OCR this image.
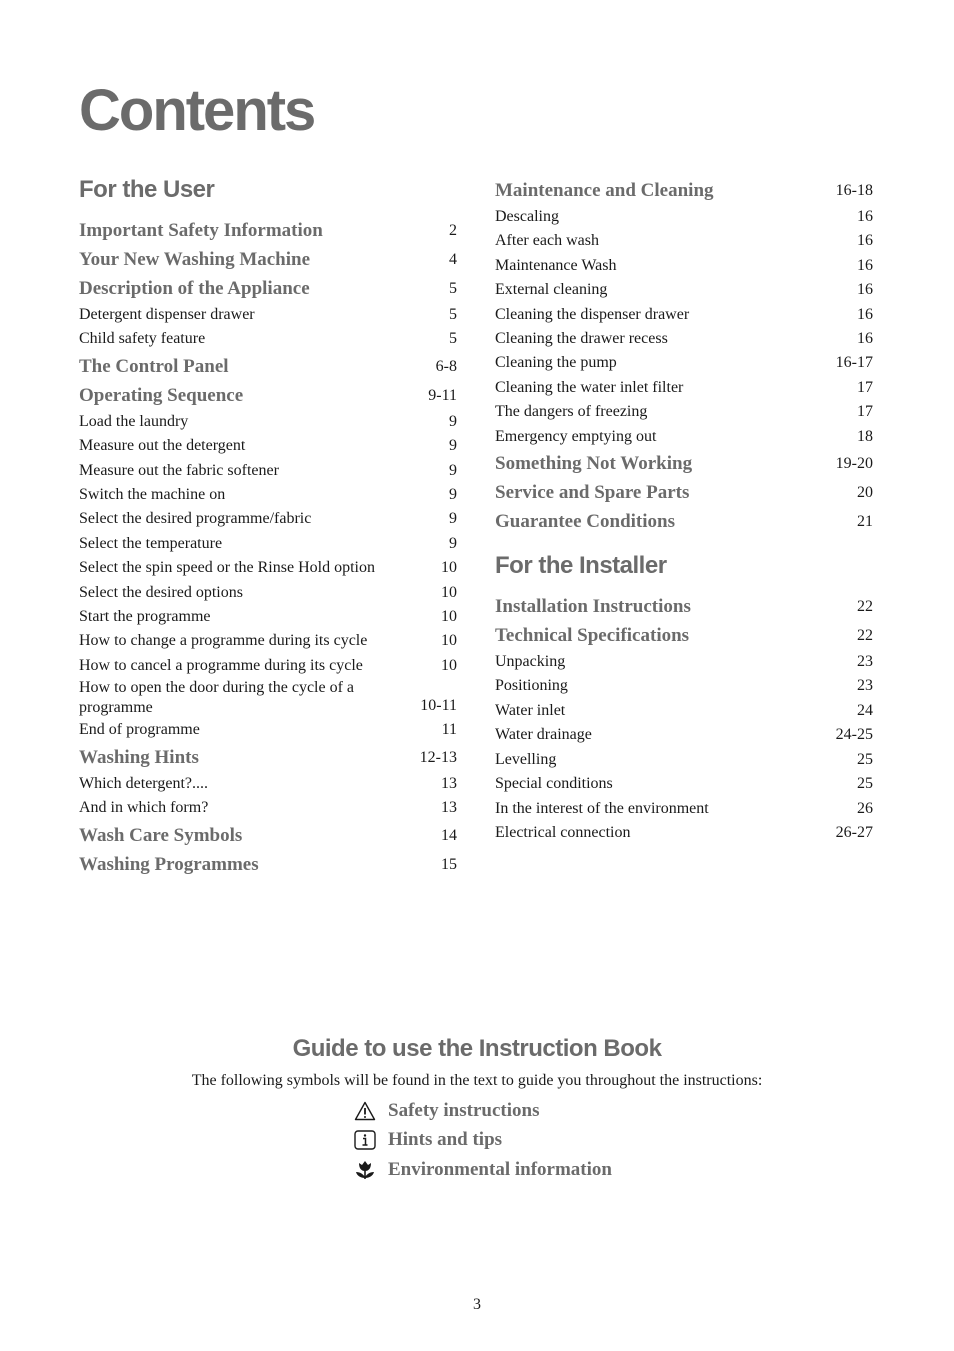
Contents
For the User
Important Safety Information	2
Your New Washing Machine	4
Description of the Appliance	5
Detergent dispenser drawer	5
Child safety feature	5
The Control Panel	6-8
Operating Sequence	9-11
Load the laundry	9
Measure out the detergent	9
Measure out the fabric softener	9
Switch the machine on	9
Select the desired programme/fabric	9
Select the temperature	9
Select the spin speed or the Rinse Hold option	10
Select the desired options	10
Start the programme	10
How to change a programme during its cycle	10
How to cancel a programme during its cycle	10
How to open the door during the cycle of a programme	10-11
End of programme	11
Washing Hints	12-13
Which detergent?....	13
And in which form?	13
Wash Care Symbols	14
Washing Programmes	15
Maintenance and Cleaning	16-18
Descaling	16
After each wash	16
Maintenance Wash	16
External cleaning	16
Cleaning the dispenser drawer	16
Cleaning the drawer recess	16
Cleaning the pump	16-17
Cleaning the water inlet filter	17
The dangers of freezing	17
Emergency emptying out	18
Something Not Working	19-20
Service and Spare Parts	20
Guarantee Conditions	21
For the Installer
Installation Instructions	22
Technical Specifications	22
Unpacking	23
Positioning	23
Water inlet	24
Water drainage	24-25
Levelling	25
Special conditions	25
In the interest of the environment	26
Electrical connection	26-27
Guide to use the Instruction Book
The following symbols will be found in the text to guide you throughout the instructions:
Safety instructions
Hints and tips
Environmental information
3
